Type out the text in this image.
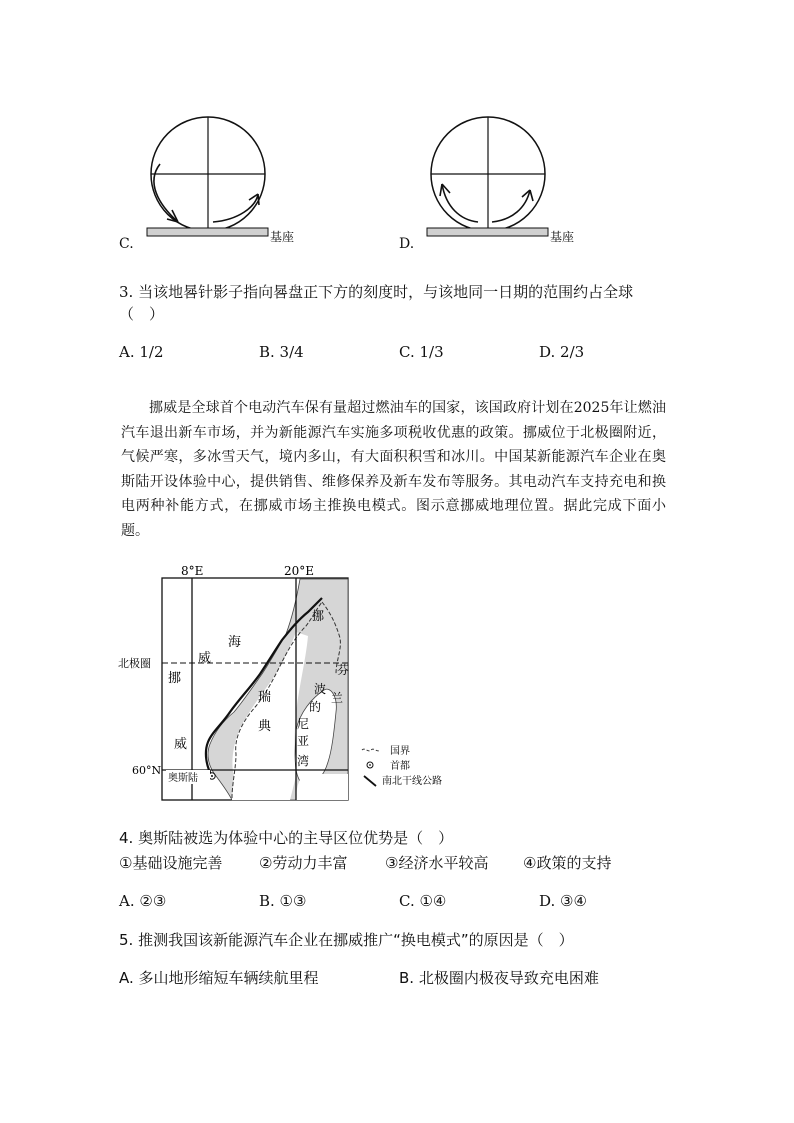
C.	基座	D.	基座
3. 当该地晷针影子指向晷盘正下方的刻度时，与该地同一日期的范围约占全球
（　）
A. 1/2	B. 3/4	C. 1/3	D. 2/3

挪威是全球首个电动汽车保有量超过燃油车的国家，该国政府计划在2025年让燃油汽车退出新车市场，并为新能源汽车实施多项税收优惠的政策。挪威位于北极圈附近，气候严寒，多冰雪天气，境内多山，有大面积积雪和冰川。中国某新能源汽车企业在奥斯陆开设体验中心，提供销售、维修保养及新车发布等服务。其电动汽车支持充电和换电两种补能方式，在挪威市场主推换电模式。图示意挪威地理位置。据此完成下面小题。

8°E	20°E
北极圈
60°N
海
威
挪
威
瑞
典
波
的
尼
亚
湾
挪
芬
兰
奥斯陆
国界
首都
南北干线公路
4. 奥斯陆被选为体验中心的主导区位优势是（　）
①基础设施完善 ②劳动力丰富	③经济水平较高 ④政策的支持
A. ②③	B. ①③	C. ①④	D. ③④
5. 推测我国该新能源汽车企业在挪威推广“换电模式”的原因是（　）
A. 多山地形缩短车辆续航里程	B. 北极圈内极夜导致充电困难
